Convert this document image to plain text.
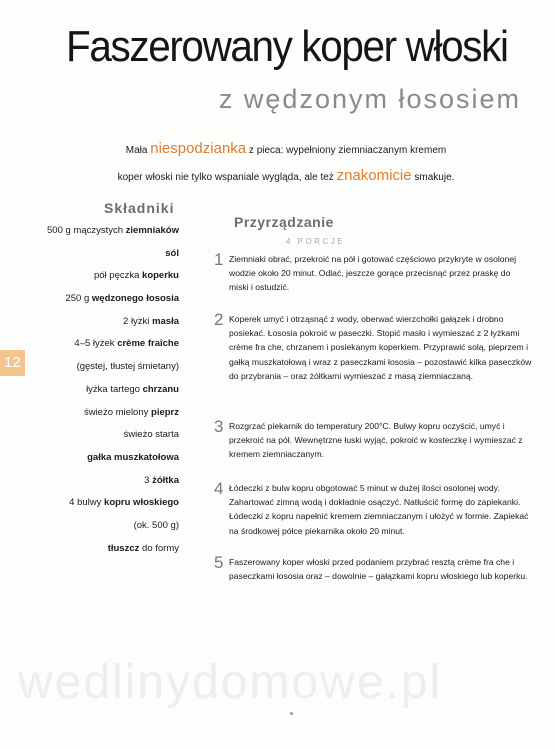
Faszerowany koper włoski
z wędzonym łososiem
Mała niespodzianka z pieca: wypełniony ziemniaczanym kremem
koper włoski nie tylko wspaniale wygląda, ale też znakomicie smakuje.
Składniki
500 g mączystych ziemniaków
sól
pół pęczka koperku
250 g wędzonego łososia
2 łyżki masła
4–5 łyżek crème fraîche
(gęstej, tłustej śmietany)
łyżka tartego chrzanu
świeżo mielony pieprz
świeżo starta
gałka muszkatołowa
3 żółtka
4 bulwy kopru włoskiego
(ok. 500 g)
tłuszcz do formy
12
Przyrządzanie
4 PORCJE
1 Ziemniaki obrać, przekroić na pół i gotować częściowo przykryte w osolonej wodzie około 20 minut. Odlać, jeszcze gorące przecisnąć przez praskę do miski i ostudzić.
2 Koperek umyć i otrząsnąć z wody, oberwać wierzchołki gałązek i drobno posiekać. Łososia pokroić w paseczki. Stopić masło i wymieszać z 2 łyżkami crème fra che, chrzanem i posiekanym koperkiem. Przyprawić solą, pieprzem i gałką muszkatołową i wraz z paseczkami łososia – pozostawić kilka paseczków do przybrania – oraz żółtkami wymieszać z masą ziemniaczaną.
3 Rozgrzać piekarnik do temperatury 200°C. Bulwy kopru oczyścić, umyć i przekroić na pół. Wewnętrzne łuski wyjąć, pokroić w kosteczkę i wymieszać z kremem ziemniaczanym.
4 Łódeczki z bulw kopru obgotować 5 minut w dużej ilości osolonej wody. Zahartować zimną wodą i dokładnie osączyć. Natłuścić formę do zapiekanki. Łódeczki z kopru napełnić kremem ziemniaczanym i ułożyć w formie. Zapiekać na środkowej półce piekarnika około 20 minut.
5 Faszerowany koper włoski przed podaniem przybrać resztą crème fra che i paseczkami łososia oraz – dowolnie – gałązkami kopru włoskiego lub koperku.
wedlinydomowe.pl
